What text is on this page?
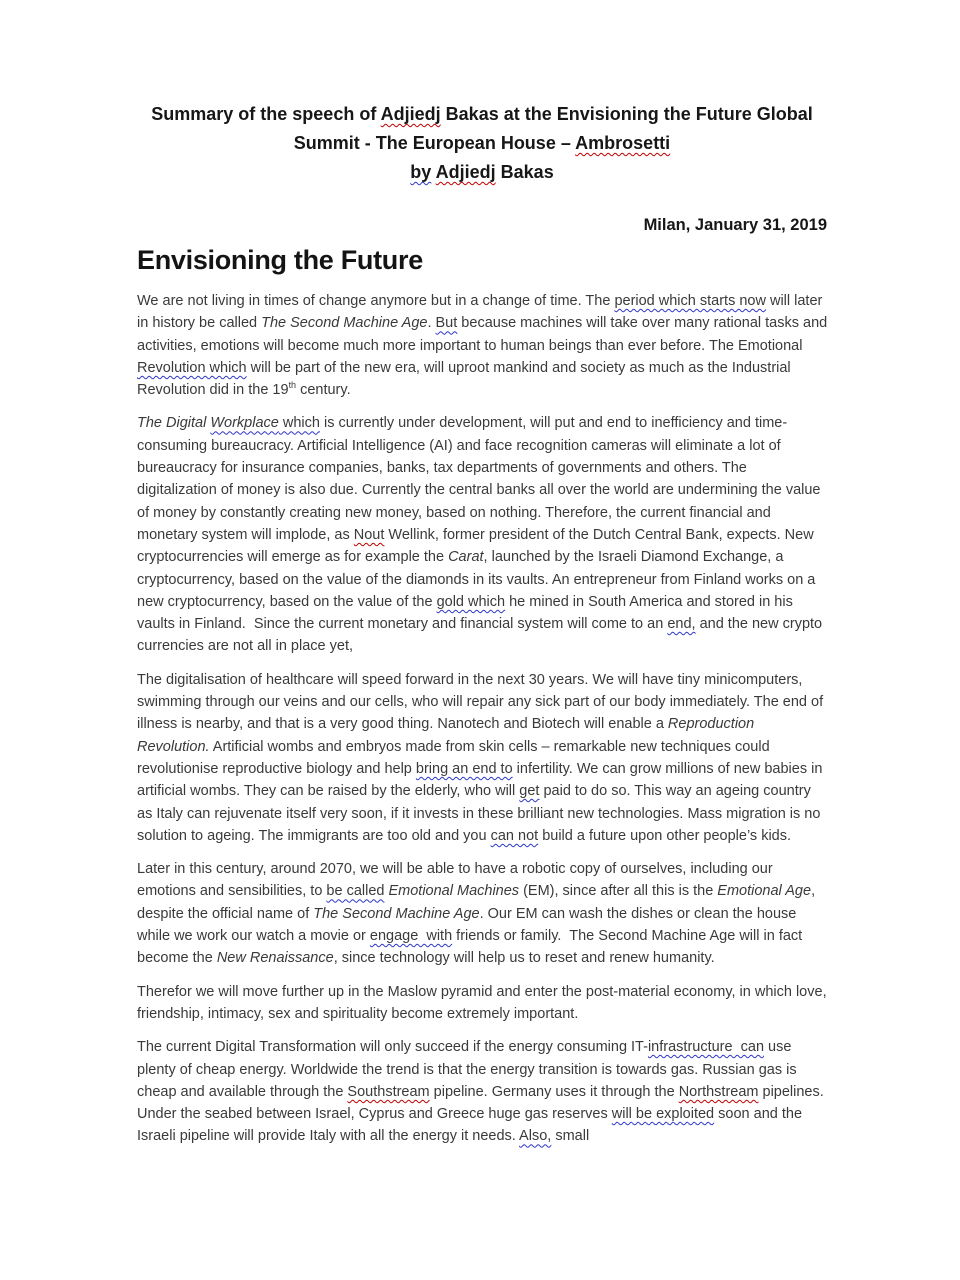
Summary of the speech of Adjiedj Bakas at the Envisioning the Future Global
Summit - The European House – Ambrosetti
by Adjiedj Bakas
Milan, January 31, 2019
Envisioning the Future

We are not living in times of change anymore but in a change of time. The period which starts now will later in history be called The Second Machine Age. But because machines will take over many rational tasks and activities, emotions will become much more important to human beings than ever before. The Emotional Revolution which will be part of the new era, will uproot mankind and society as much as the Industrial Revolution did in the 19th century.

The Digital Workplace which is currently under development, will put and end to inefficiency and time-consuming bureaucracy. Artificial Intelligence (AI) and face recognition cameras will eliminate a lot of bureaucracy for insurance companies, banks, tax departments of governments and others. The digitalization of money is also due. Currently the central banks all over the world are undermining the value of money by constantly creating new money, based on nothing. Therefore, the current financial and monetary system will implode, as Nout Wellink, former president of the Dutch Central Bank, expects. New cryptocurrencies will emerge as for example the Carat, launched by the Israeli Diamond Exchange, a cryptocurrency, based on the value of the diamonds in its vaults. An entrepreneur from Finland works on a new cryptocurrency, based on the value of the gold which he mined in South America and stored in his vaults in Finland.  Since the current monetary and financial system will come to an end, and the new crypto currencies are not all in place yet,

The digitalisation of healthcare will speed forward in the next 30 years. We will have tiny minicomputers, swimming through our veins and our cells, who will repair any sick part of our body immediately. The end of illness is nearby, and that is a very good thing. Nanotech and Biotech will enable a Reproduction Revolution. Artificial wombs and embryos made from skin cells – remarkable new techniques could revolutionise reproductive biology and help bring an end to infertility. We can grow millions of new babies in artificial wombs. They can be raised by the elderly, who will get paid to do so. This way an ageing country as Italy can rejuvenate itself very soon, if it invests in these brilliant new technologies. Mass migration is no solution to ageing. The immigrants are too old and you can not build a future upon other people’s kids.

Later in this century, around 2070, we will be able to have a robotic copy of ourselves, including our emotions and sensibilities, to be called Emotional Machines (EM), since after all this is the Emotional Age, despite the official name of The Second Machine Age. Our EM can wash the dishes or clean the house while we work our watch a movie or engage  with friends or family.  The Second Machine Age will in fact become the New Renaissance, since technology will help us to reset and renew humanity.

Therefor we will move further up in the Maslow pyramid and enter the post-material economy, in which love, friendship, intimacy, sex and spirituality become extremely important.

The current Digital Transformation will only succeed if the energy consuming IT-infrastructure  can use plenty of cheap energy. Worldwide the trend is that the energy transition is towards gas. Russian gas is cheap and available through the Southstream pipeline. Germany uses it through the Northstream pipelines. Under the seabed between Israel, Cyprus and Greece huge gas reserves will be exploited soon and the Israeli pipeline will provide Italy with all the energy it needs. Also, small
